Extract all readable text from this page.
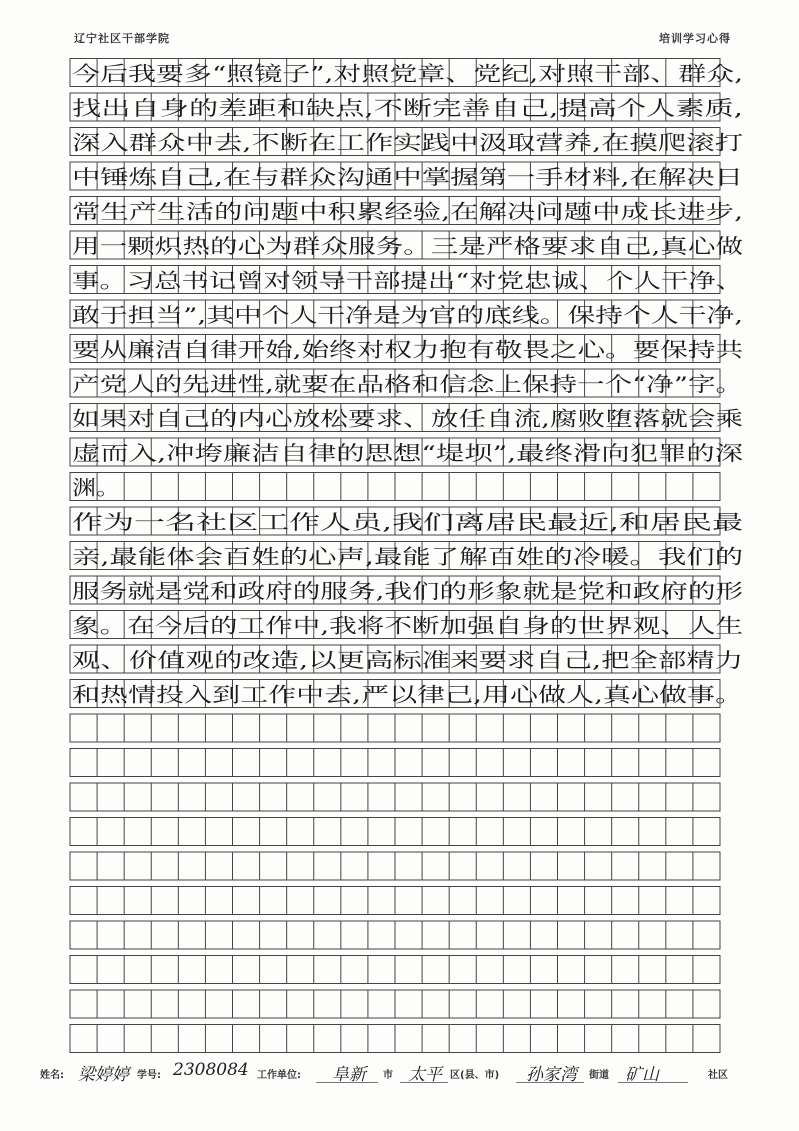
辽宁社区干部学院	培训学习心得
今后我要多“照镜子”,对照党章、党纪,对照干部、群众,
找出自身的差距和缺点,不断完善自己,提高个人素质,
深入群众中去,不断在工作实践中汲取营养,在摸爬滚打
中锤炼自己,在与群众沟通中掌握第一手材料,在解决日
常生产生活的问题中积累经验,在解决问题中成长进步,
用一颗炽热的心为群众服务。三是严格要求自己,真心做
事。习总书记曾对领导干部提出“对党忠诚、个人干净、
敢于担当”,其中个人干净是为官的底线。保持个人干净,
要从廉洁自律开始,始终对权力抱有敬畏之心。要保持共
产党人的先进性,就要在品格和信念上保持一个“净”字。
如果对自己的内心放松要求、放任自流,腐败堕落就会乘
虚而入,冲垮廉洁自律的思想“堤坝”,最终滑向犯罪的深
渊。
作为一名社区工作人员,我们离居民最近,和居民最
亲,最能体会百姓的心声,最能了解百姓的冷暖。我们的
服务就是党和政府的服务,我们的形象就是党和政府的形
象。在今后的工作中,我将不断加强自身的世界观、人生
观、价值观的改造,以更高标准来要求自己,把全部精力
和热情投入到工作中去,严以律己,用心做人,真心做事。
姓名: 梁婷婷 学号: 2308084 工作单位: 阜新 市 太平 区(县、市) 孙家湾 街道 矿山	社区
